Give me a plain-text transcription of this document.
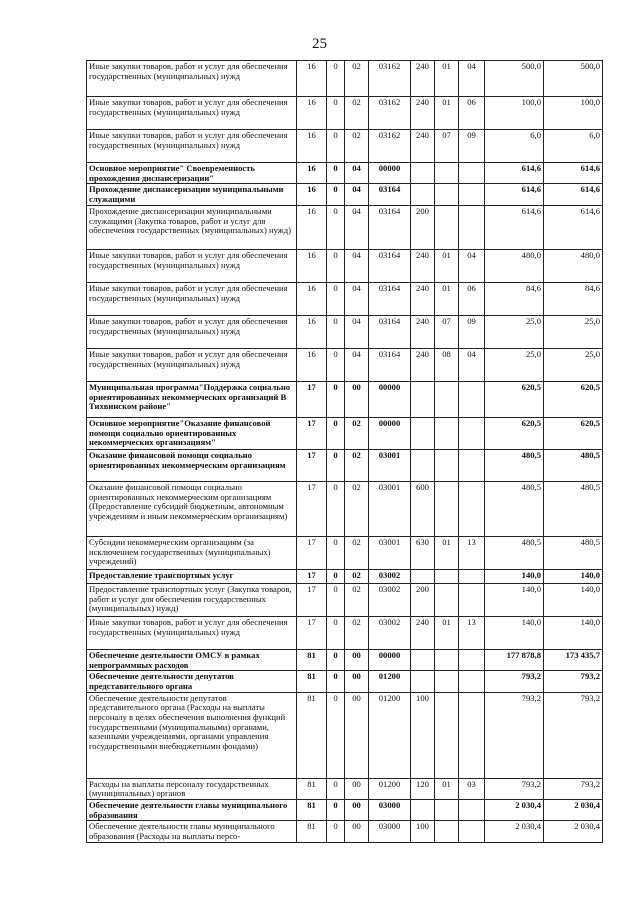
25
Иные закупки товаров, работ и услуг для обеспечения государственных (муниципальных) нужд	16	0	02	03162	240	01	04	500,0	500,0
Иные закупки товаров, работ и услуг для обеспечения государственных (муниципальных) нужд	16	0	02	03162	240	01	06	100,0	100,0
Иные закупки товаров, работ и услуг для обеспечения государственных (муниципальных) нужд	16	0	02	03162	240	07	09	6,0	6,0
Основное мероприятие" Своевременность прохождения диспансеризации"	16	0	04	00000				614,6	614,6
Прохождение диспансеризации муниципальными служащими	16	0	04	03164				614,6	614,6
Прохождение диспансеризации муниципальными служащими (Закупка товаров, работ и услуг для обеспечения государственных (муниципальных) нужд)	16	0	04	03164	200			614,6	614,6
Иные закупки товаров, работ и услуг для обеспечения государственных (муниципальных) нужд	16	0	04	03164	240	01	04	480,0	480,0
Иные закупки товаров, работ и услуг для обеспечения государственных (муниципальных) нужд	16	0	04	03164	240	01	06	84,6	84,6
Иные закупки товаров, работ и услуг для обеспечения государственных (муниципальных) нужд	16	0	04	03164	240	07	09	25,0	25,0
Иные закупки товаров, работ и услуг для обеспечения государственных (муниципальных) нужд	16	0	04	03164	240	08	04	25,0	25,0
Муниципальная программа"Поддержка социально ориентированных некоммерческих организаций В Тихвинском районе"	17	0	00	00000				620,5	620,5
Основное мероприятие"Оказание финансовой помощи социально ориентированных некоммерческих организациям"	17	0	02	00000				620,5	620,5
Оказание финансовой помощи социально ориентированных некоммерческим организациям	17	0	02	03001				480,5	480,5
Оказание финансовой помощи социально ориентированных некоммерческим организациям (Предоставление субсидий бюджетным, автономным учреждениям и иным некоммерческим организациям)	17	0	02	03001	600			480,5	480,5
Субсидии некоммерческим организациям (за исключением государственных (муниципальных) учреждений)	17	0	02	03001	630	01	13	480,5	480,5
Предоставление транспортных услуг	17	0	02	03002				140,0	140,0
Предоставление транспортных услуг (Закупка товаров, работ и услуг для обеспечения государственных (муниципальных) нужд)	17	0	02	03002	200			140,0	140,0
Иные закупки товаров, работ и услуг для обеспечения государственных (муниципальных) нужд	17	0	02	03002	240	01	13	140,0	140,0
Обеспечение деятельности ОМСУ в рамках непрограммных расходов	81	0	00	00000				177 878,8	173 435,7
Обеспечение деятельности депутатов представительного органа	81	0	00	01200				793,2	793,2
Обеспечение деятельности депутатов представительного органа (Расходы на выплаты персоналу в целях обеспечения выполнения функций государственными (муниципальными) органами, казенными учреждениями, органами управления государственными внебюджетными фондами)	81	0	00	01200	100			793,2	793,2
Расходы на выплаты персоналу государственных (муниципальных) органов	81	0	00	01200	120	01	03	793,2	793,2
Обеспечение деятельности главы муниципального образования	81	0	00	03000				2 030,4	2 030,4
Обеспечение деятельности главы муниципального образования (Расходы на выплаты персо-	81	0	00	03000	100			2 030,4	2 030,4
